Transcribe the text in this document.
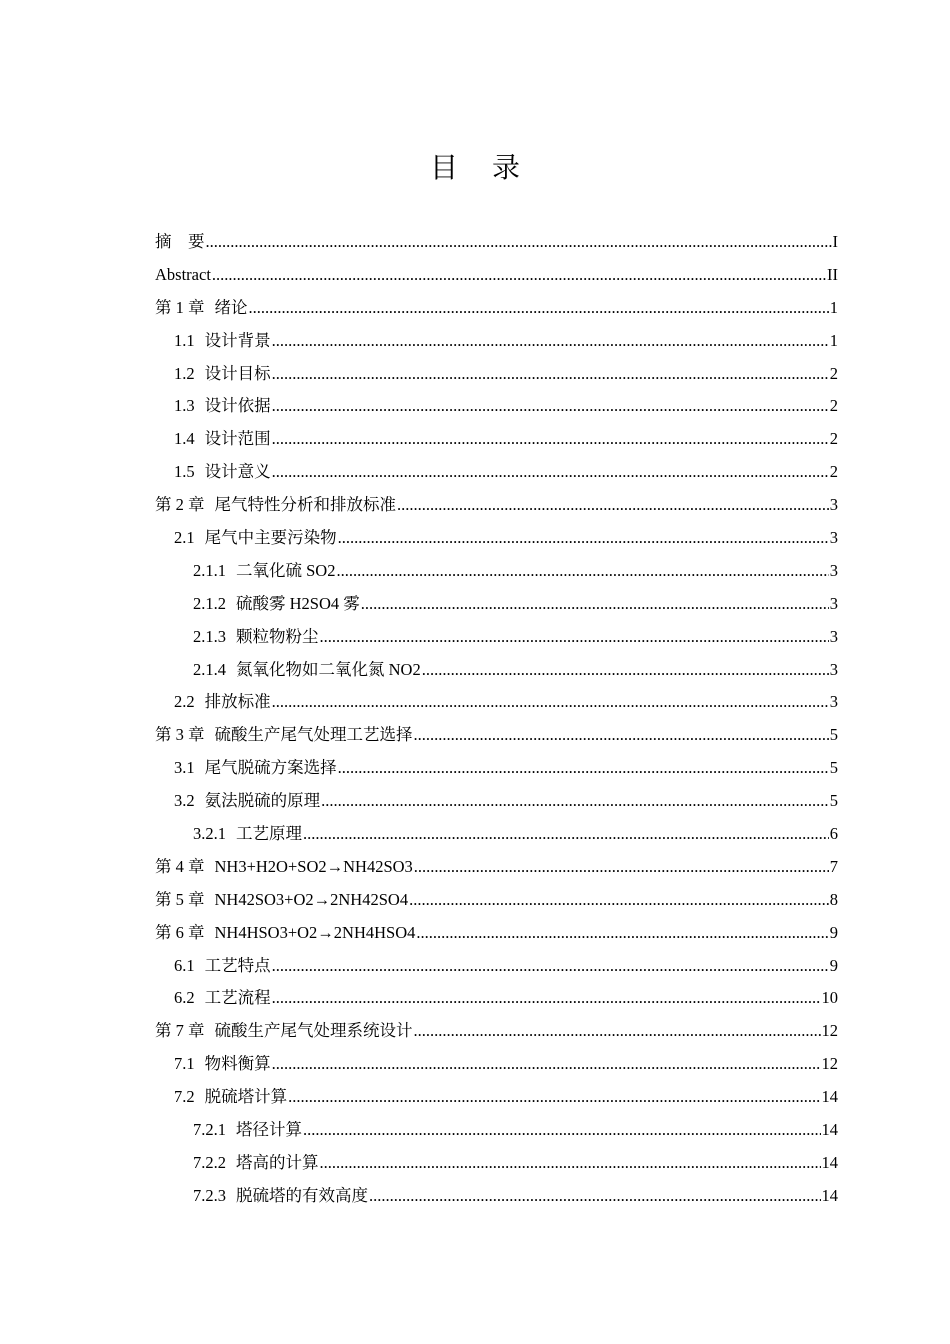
目 录
摘　要 .....	I
Abstract .....	II
第 1 章 绪论 .....	1
1.1 设计背景 .....	1
1.2 设计目标 .....	2
1.3 设计依据 .....	2
1.4 设计范围 .....	2
1.5 设计意义 .....	2
第 2 章 尾气特性分析和排放标准 .....	3
2.1 尾气中主要污染物 .....	3
2.1.1 二氧化硫 SO2 .....	3
2.1.2 硫酸雾 H2SO4 雾 .....	3
2.1.3 颗粒物粉尘 .....	3
2.1.4 氮氧化物如二氧化氮 NO2 .....	3
2.2 排放标准 .....	3
第 3 章 硫酸生产尾气处理工艺选择 .....	5
3.1 尾气脱硫方案选择 .....	5
3.2 氨法脱硫的原理 .....	5
3.2.1 工艺原理 .....	6
第 4 章 NH3+H2O+SO2→NH42SO3 .....	7
第 5 章 NH42SO3+O2→2NH42SO4 .....	8
第 6 章 NH4HSO3+O2→2NH4HSO4 .....	9
6.1 工艺特点 .....	9
6.2 工艺流程 .....	10
第 7 章 硫酸生产尾气处理系统设计 .....	12
7.1 物料衡算 .....	12
7.2 脱硫塔计算 .....	14
7.2.1 塔径计算 .....	14
7.2.2 塔高的计算 .....	14
7.2.3 脱硫塔的有效高度 .....	14
